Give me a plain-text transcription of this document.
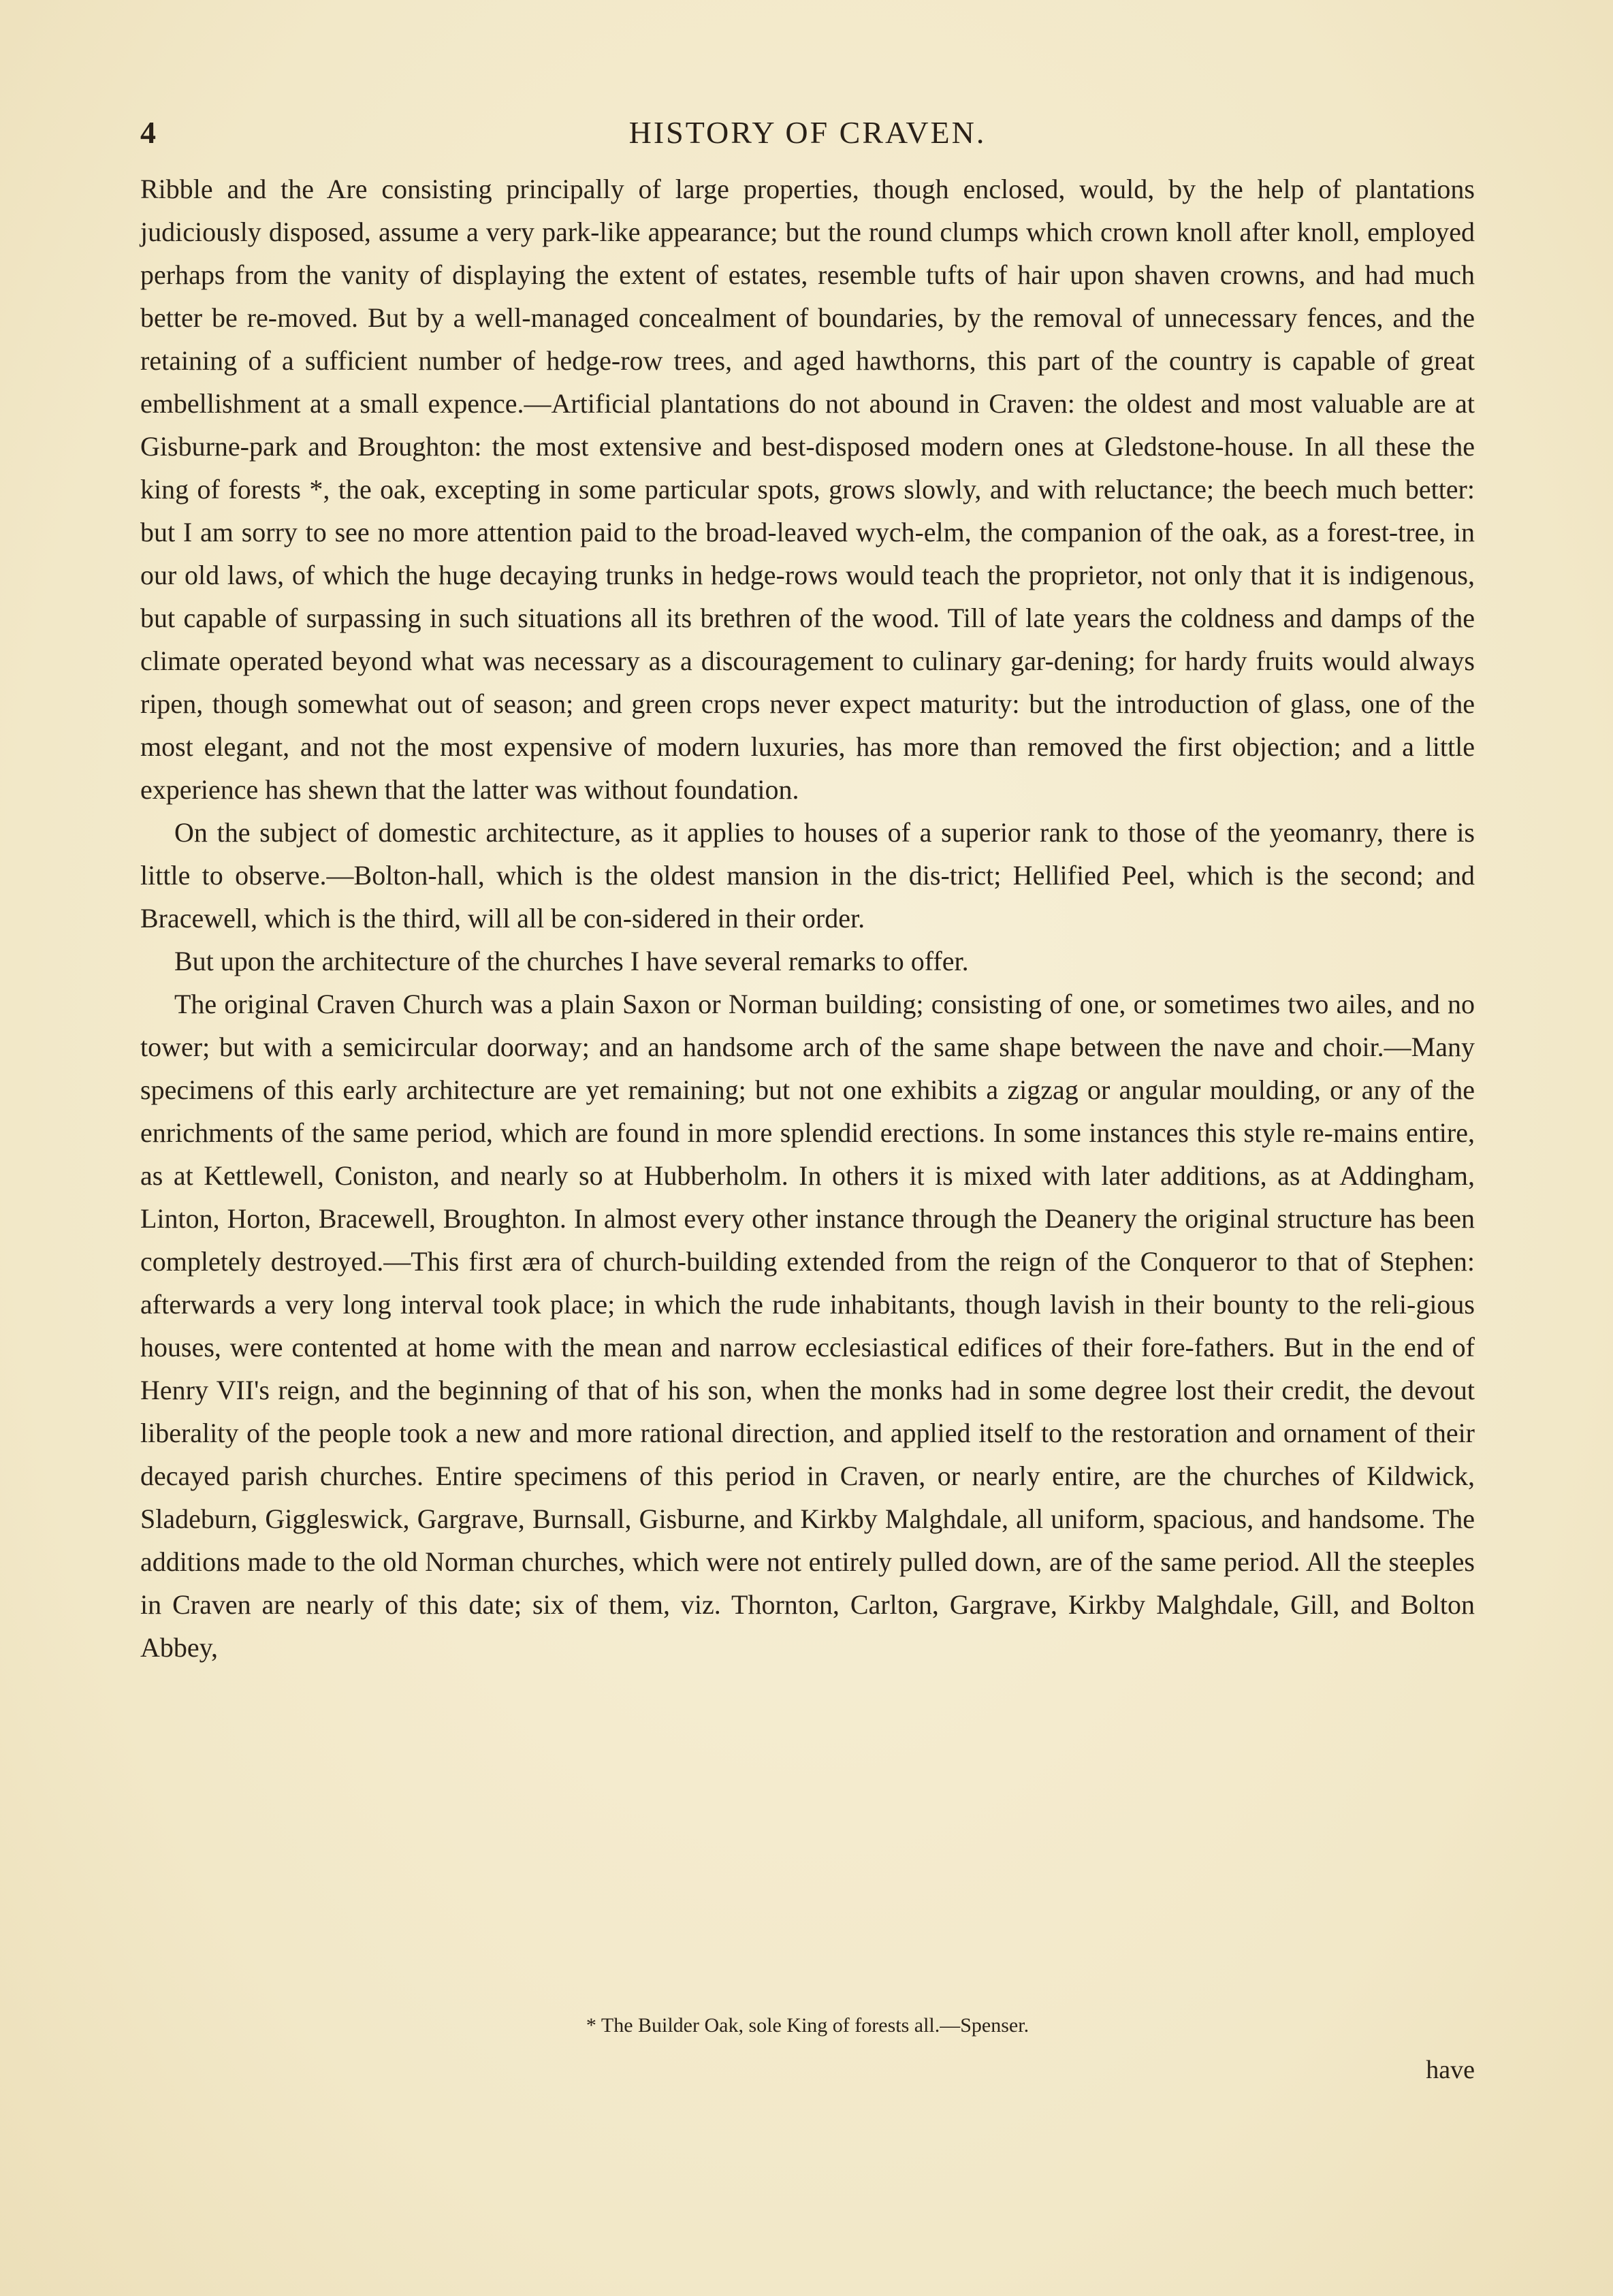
4	HISTORY OF CRAVEN.

Ribble and the Are consisting principally of large properties, though enclosed, would, by the help of plantations judiciously disposed, assume a very park-like appearance; but the round clumps which crown knoll after knoll, employed perhaps from the vanity of displaying the extent of estates, resemble tufts of hair upon shaven crowns, and had much better be re-moved. But by a well-managed concealment of boundaries, by the removal of unnecessary fences, and the retaining of a sufficient number of hedge-row trees, and aged hawthorns, this part of the country is capable of great embellishment at a small expence.—Artificial plantations do not abound in Craven: the oldest and most valuable are at Gisburne-park and Broughton: the most extensive and best-disposed modern ones at Gledstone-house. In all these the king of forests *, the oak, excepting in some particular spots, grows slowly, and with reluctance; the beech much better: but I am sorry to see no more attention paid to the broad-leaved wych-elm, the companion of the oak, as a forest-tree, in our old laws, of which the huge decaying trunks in hedge-rows would teach the proprietor, not only that it is indigenous, but capable of surpassing in such situations all its brethren of the wood. Till of late years the coldness and damps of the climate operated beyond what was necessary as a discouragement to culinary gar-dening; for hardy fruits would always ripen, though somewhat out of season; and green crops never expect maturity: but the introduction of glass, one of the most elegant, and not the most expensive of modern luxuries, has more than removed the first objection; and a little experience has shewn that the latter was without foundation.

On the subject of domestic architecture, as it applies to houses of a superior rank to those of the yeomanry, there is little to observe.—Bolton-hall, which is the oldest mansion in the dis-trict; Hellified Peel, which is the second; and Bracewell, which is the third, will all be con-sidered in their order.

But upon the architecture of the churches I have several remarks to offer.

The original Craven Church was a plain Saxon or Norman building; consisting of one, or sometimes two ailes, and no tower; but with a semicircular doorway; and an handsome arch of the same shape between the nave and choir.—Many specimens of this early architecture are yet remaining; but not one exhibits a zigzag or angular moulding, or any of the enrichments of the same period, which are found in more splendid erections. In some instances this style re-mains entire, as at Kettlewell, Coniston, and nearly so at Hubberholm. In others it is mixed with later additions, as at Addingham, Linton, Horton, Bracewell, Broughton. In almost every other instance through the Deanery the original structure has been completely destroyed.—This first æra of church-building extended from the reign of the Conqueror to that of Stephen: afterwards a very long interval took place; in which the rude inhabitants, though lavish in their bounty to the reli-gious houses, were contented at home with the mean and narrow ecclesiastical edifices of their fore-fathers. But in the end of Henry VII's reign, and the beginning of that of his son, when the monks had in some degree lost their credit, the devout liberality of the people took a new and more rational direction, and applied itself to the restoration and ornament of their decayed parish churches. Entire specimens of this period in Craven, or nearly entire, are the churches of Kildwick, Sladeburn, Giggleswick, Gargrave, Burnsall, Gisburne, and Kirkby Malghdale, all uniform, spacious, and handsome. The additions made to the old Norman churches, which were not entirely pulled down, are of the same period. All the steeples in Craven are nearly of this date; six of them, viz. Thornton, Carlton, Gargrave, Kirkby Malghdale, Gill, and Bolton Abbey,

* The Builder Oak, sole King of forests all.—Spenser.
have
